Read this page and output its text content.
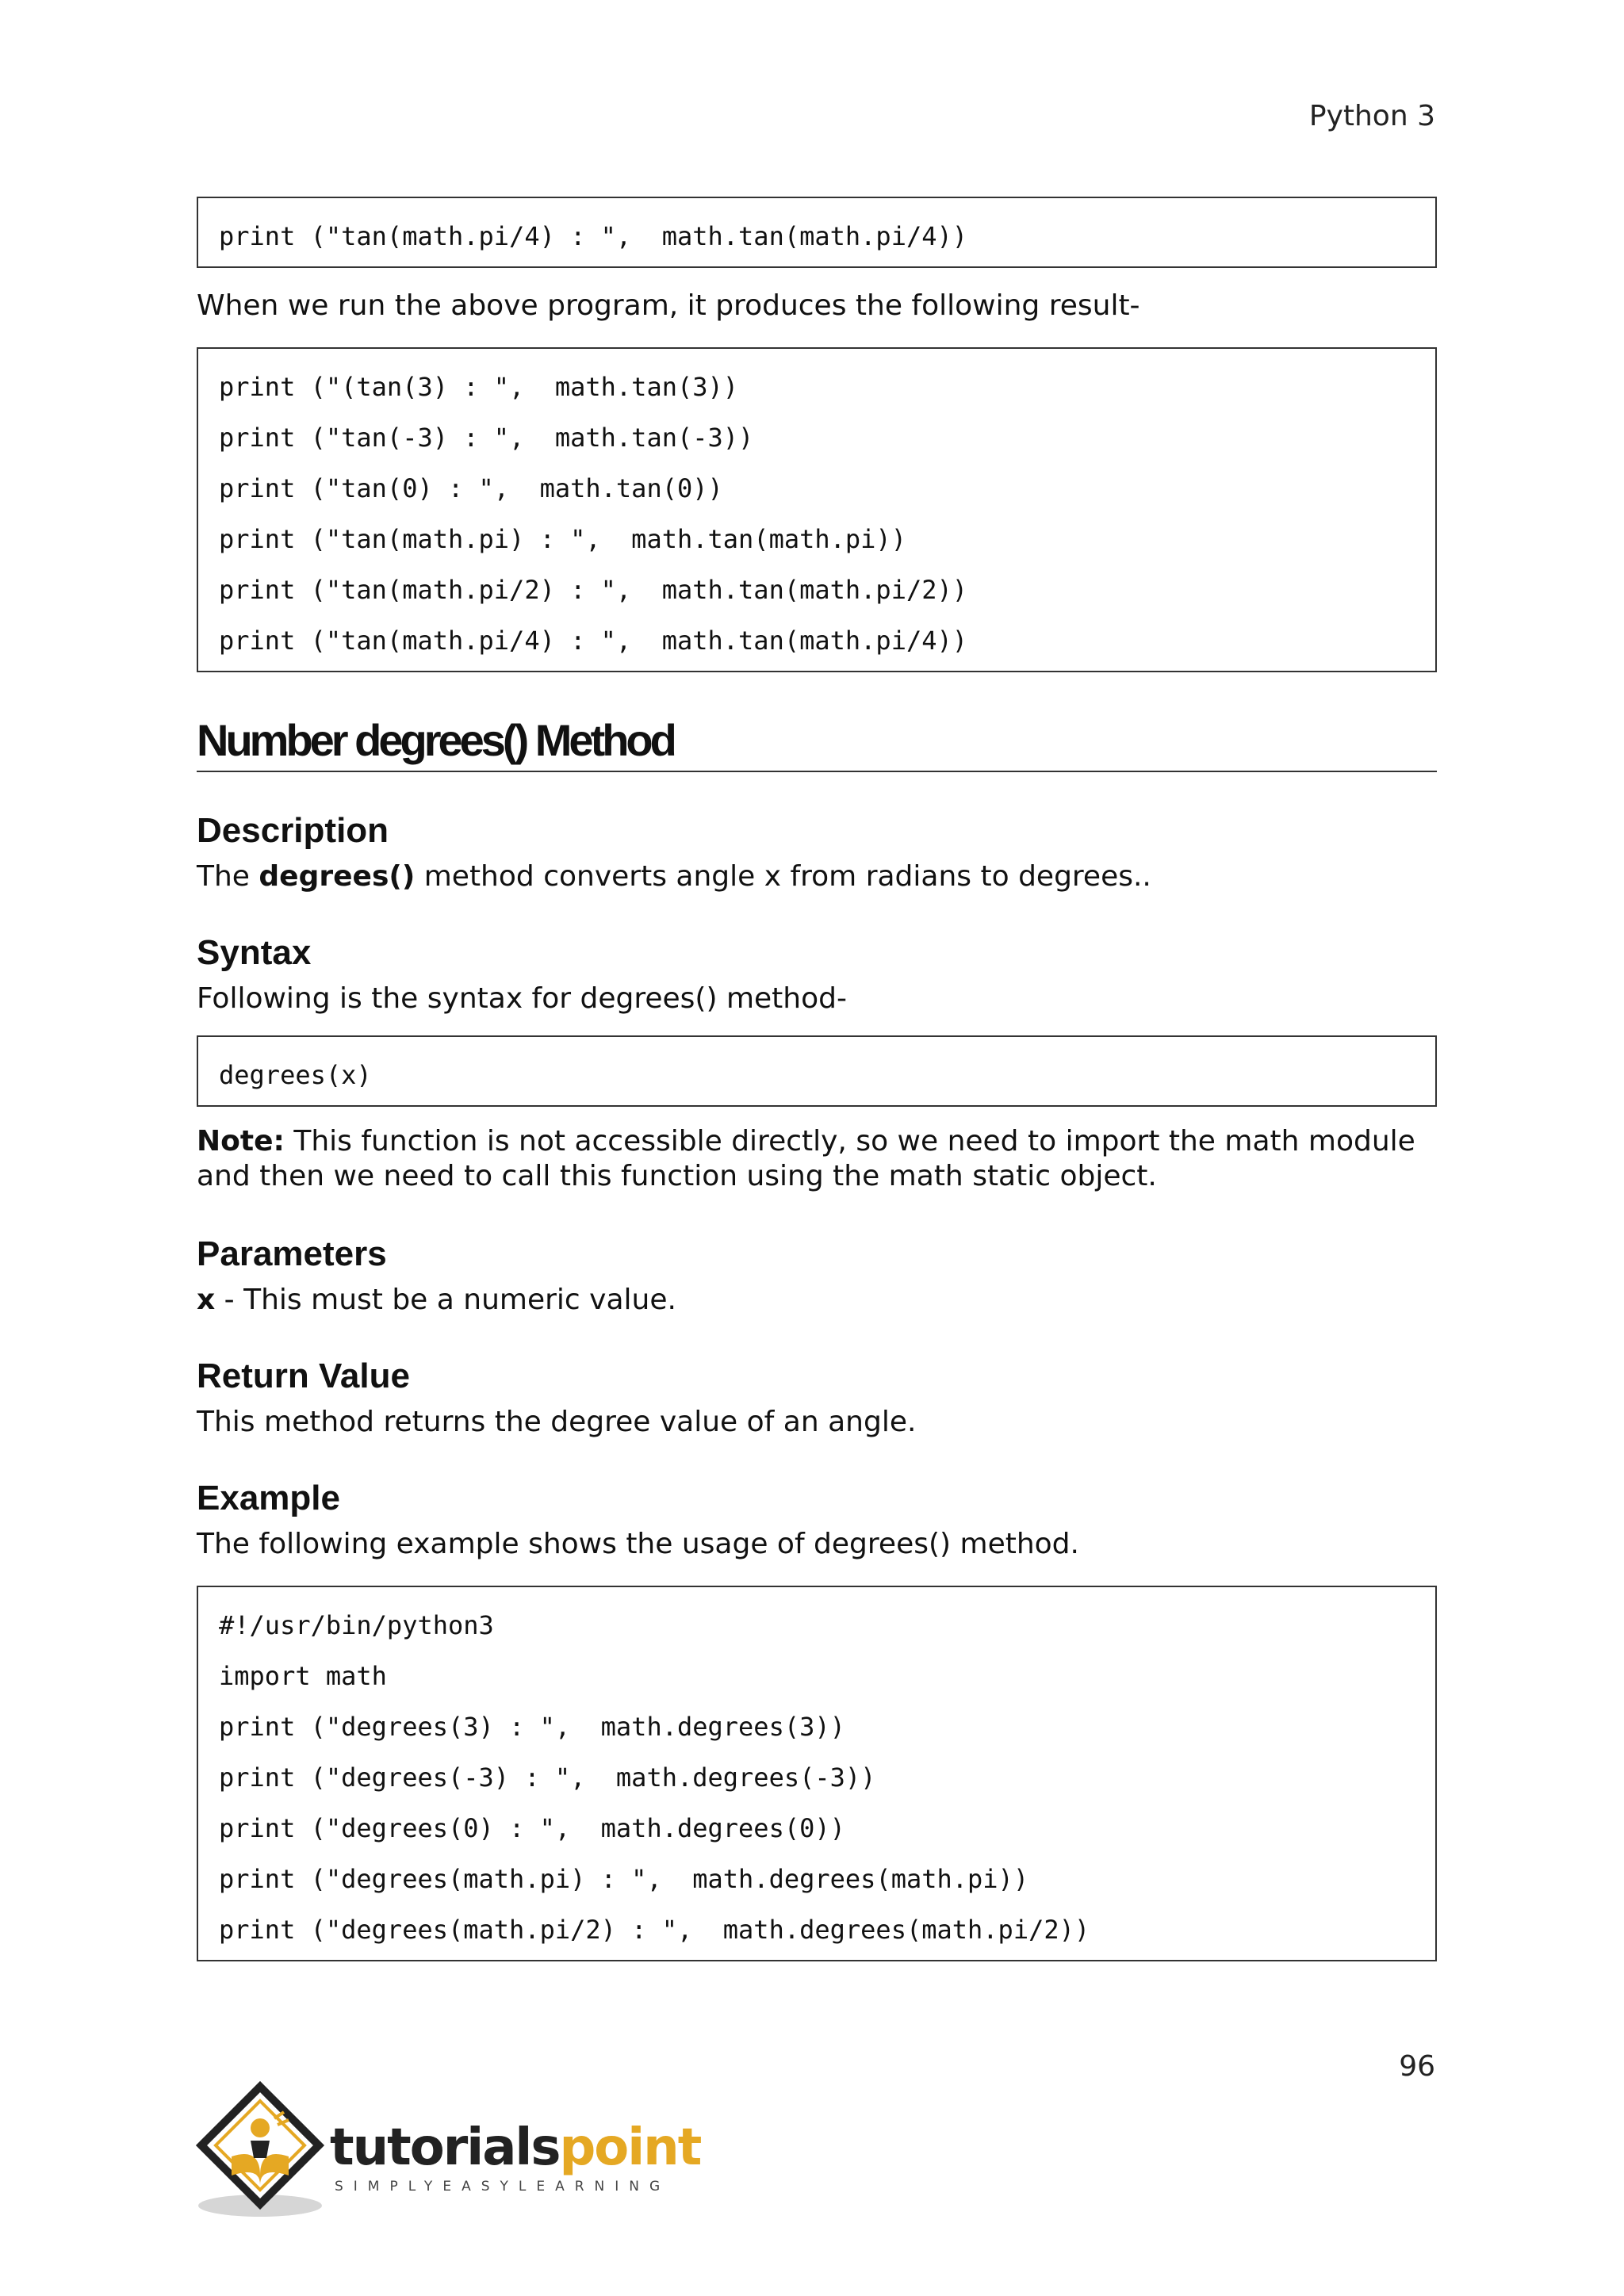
Python 3
print ("tan(math.pi/4) : ",  math.tan(math.pi/4))
When we run the above program, it produces the following result-
print ("(tan(3) : ",  math.tan(3))
print ("tan(-3) : ",  math.tan(-3))
print ("tan(0) : ",  math.tan(0))
print ("tan(math.pi) : ",  math.tan(math.pi))
print ("tan(math.pi/2) : ",  math.tan(math.pi/2))
print ("tan(math.pi/4) : ",  math.tan(math.pi/4))
Number degrees() Method
Description
The degrees() method converts angle x from radians to degrees..
Syntax
Following is the syntax for degrees() method-
degrees(x)
Note: This function is not accessible directly, so we need to import the math module and then we need to call this function using the math static object.
Parameters
x - This must be a numeric value.
Return Value
This method returns the degree value of an angle.
Example
The following example shows the usage of degrees() method.
#!/usr/bin/python3
import math
print ("degrees(3) : ",  math.degrees(3))
print ("degrees(-3) : ",  math.degrees(-3))
print ("degrees(0) : ",  math.degrees(0))
print ("degrees(math.pi) : ",  math.degrees(math.pi))
print ("degrees(math.pi/2) : ",  math.degrees(math.pi/2))
96
tutorialspoint
SIMPLYEASYLEARNING
